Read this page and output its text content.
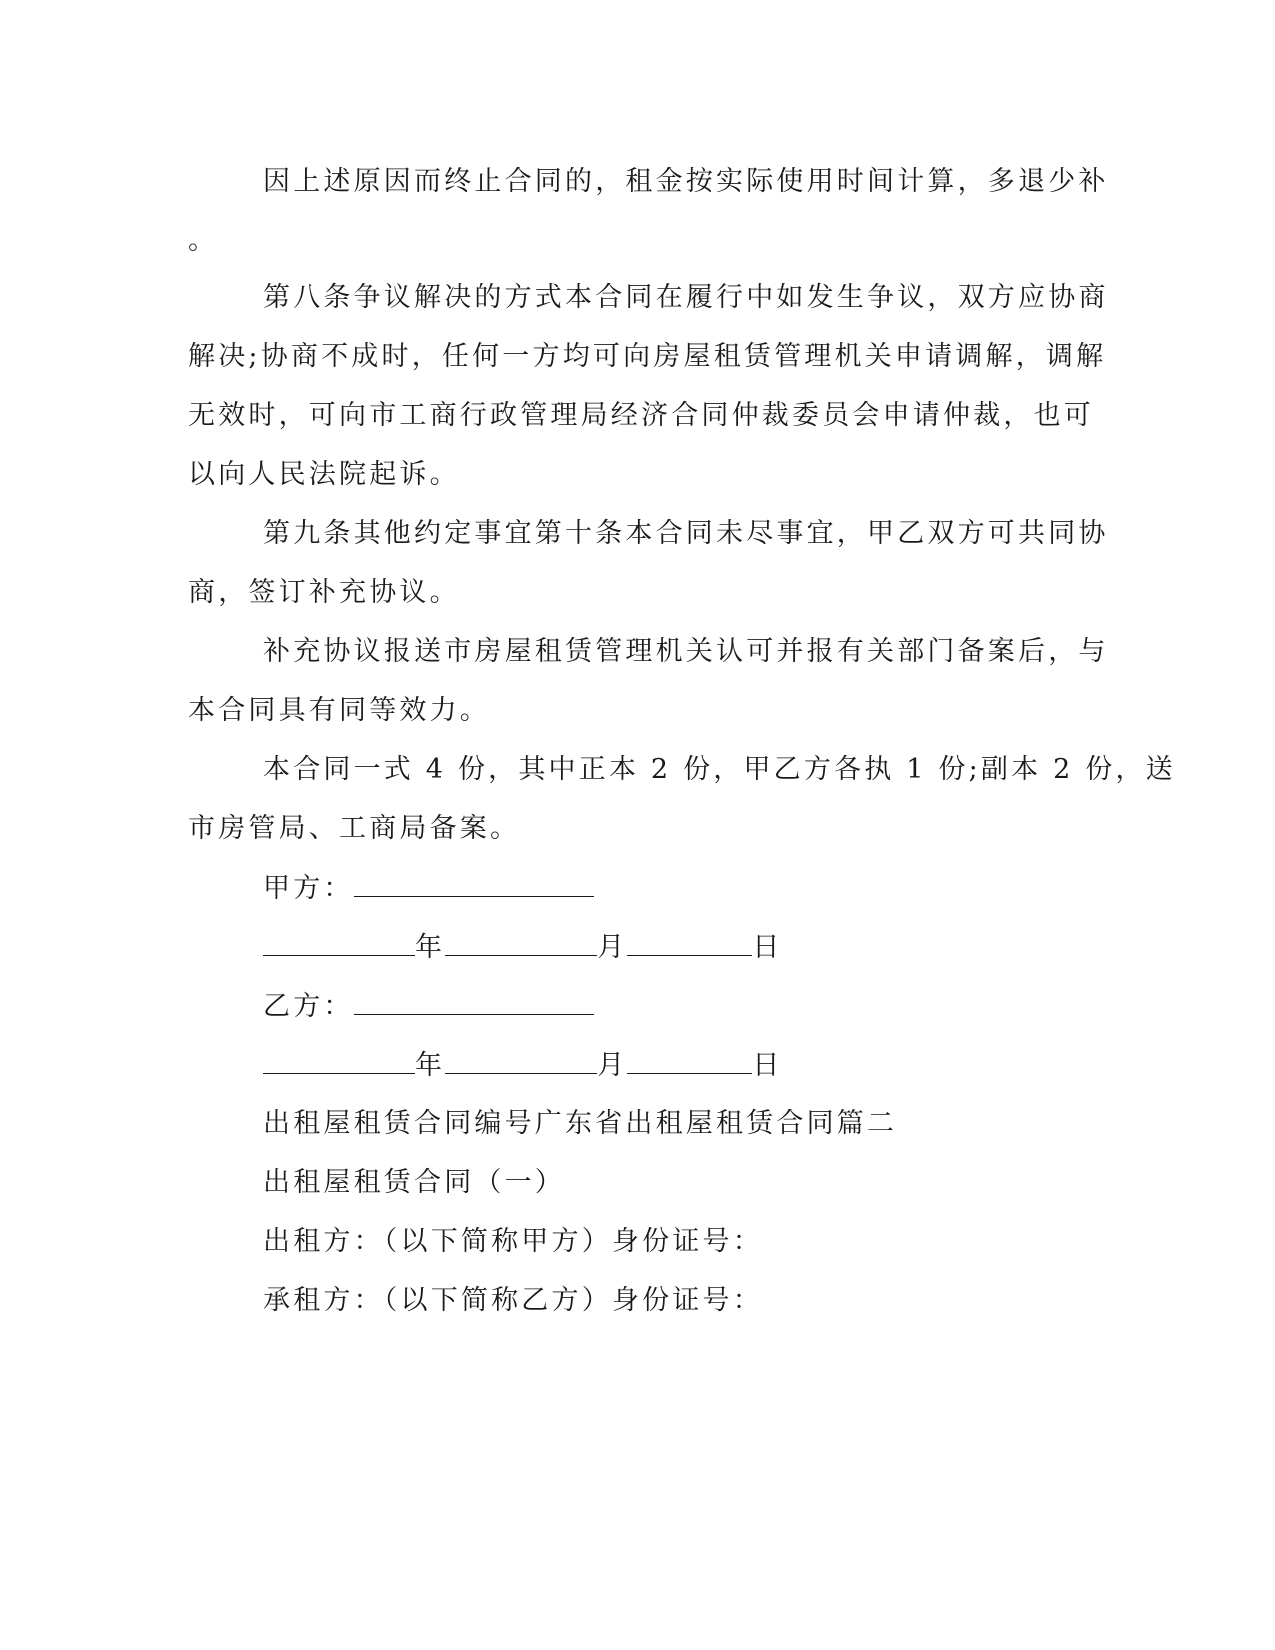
因上述原因而终止合同的，租金按实际使用时间计算，多退少补
。
第八条争议解决的方式本合同在履行中如发生争议，双方应协商
解决;协商不成时，任何一方均可向房屋租赁管理机关申请调解，调解
无效时，可向市工商行政管理局经济合同仲裁委员会申请仲裁，也可
以向人民法院起诉。
第九条其他约定事宜第十条本合同未尽事宜，甲乙双方可共同协
商，签订补充协议。
补充协议报送市房屋租赁管理机关认可并报有关部门备案后，与
本合同具有同等效力。
本合同一式 4 份，其中正本 2 份，甲乙方各执 1 份;副本 2 份，送
市房管局、工商局备案。
甲方：
年	月	日
乙方：
年	月	日
出租屋租赁合同编号广东省出租屋租赁合同篇二
出租屋租赁合同（一）
出租方：（以下简称甲方）身份证号：
承租方：（以下简称乙方）身份证号：
